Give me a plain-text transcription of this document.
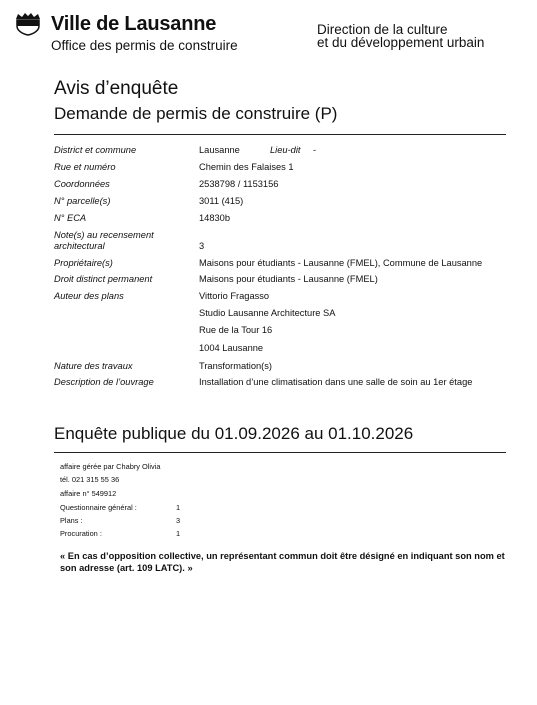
Ville de Lausanne
Office des permis de construire
Direction de la culture
et du développement urbain
Avis d’enquête
Demande de permis de construire (P)
District et commune	Lausanne	Lieu-dit -
Rue et numéro	Chemin des Falaises 1
Coordonnées	2538798 / 1153156
N° parcelle(s)	3011 (415)
N° ECA	14830b
Note(s) au recensement
architectural	3
Propriétaire(s)	Maisons pour étudiants - Lausanne (FMEL), Commune de Lausanne
Droit distinct permanent	Maisons pour étudiants - Lausanne (FMEL)
Auteur des plans	Vittorio Fragasso
Studio Lausanne Architecture SA
Rue de la Tour 16
1004 Lausanne
Nature des travaux	Transformation(s)
Description de l’ouvrage	Installation d’une climatisation dans une salle de soin au 1er étage
Enquête publique du 01.09.2026 au 01.10.2026
affaire gérée par Chabry Olivia
tél. 021 315 55 36
affaire n° 549912
Questionnaire général :	1
Plans :	3
Procuration :	1
« En cas d’opposition collective, un représentant commun doit être désigné en indiquant son nom et son adresse (art. 109 LATC). »
